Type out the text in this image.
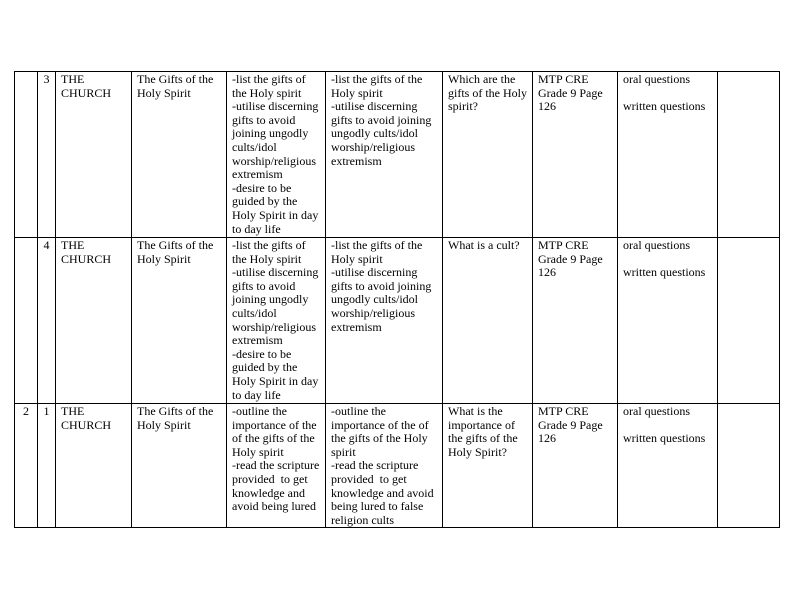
	3	THE CHURCH	The Gifts of the Holy Spirit	-list the gifts of the Holy spirit
-utilise discerning gifts to avoid joining ungodly cults/idol worship/religious extremism
-desire to be guided by the Holy Spirit in day to day life	-list the gifts of the Holy spirit
-utilise discerning gifts to avoid joining ungodly cults/idol worship/religious extremism	Which are the gifts of the Holy spirit?	MTP CRE Grade 9 Page 126	oral questions
written questions	

	4	THE CHURCH	The Gifts of the Holy Spirit	-list the gifts of the Holy spirit
-utilise discerning gifts to avoid joining ungodly cults/idol worship/religious extremism
-desire to be guided by the Holy Spirit in day to day life	-list the gifts of the Holy spirit
-utilise discerning gifts to avoid joining ungodly cults/idol worship/religious extremism	What is a cult?	MTP CRE Grade 9 Page 126	oral questions
written questions	

2	1	THE CHURCH	The Gifts of the Holy Spirit	-outline the importance of the of the gifts of the Holy spirit
-read the scripture provided  to get knowledge and avoid being lured	-outline the importance of the of the gifts of the Holy spirit
-read the scripture provided  to get knowledge and avoid being lured to false religion cults	What is the importance of the gifts of the Holy Spirit?	MTP CRE Grade 9 Page 126	oral questions
written questions	
